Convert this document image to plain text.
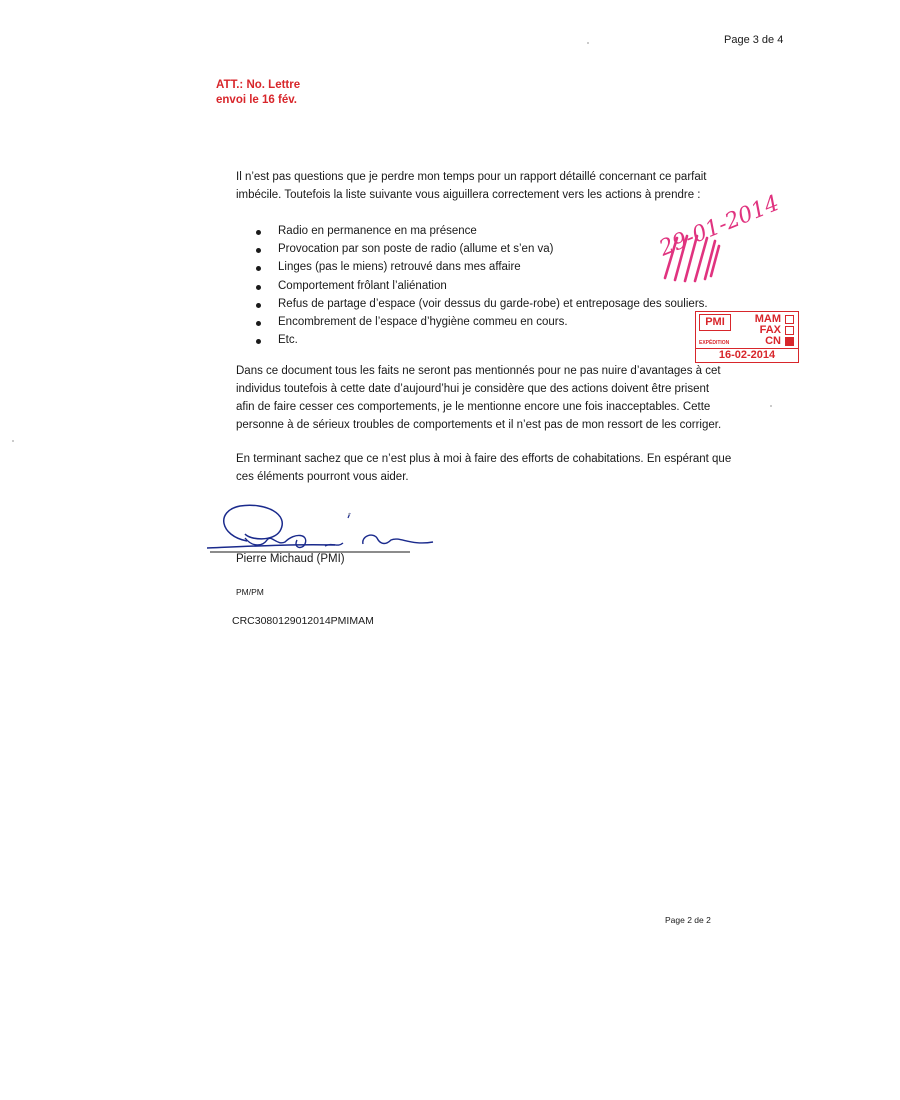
Page 3 de 4
ATT.: No. Lettre
envoi le 16 fév.
Il n’est pas questions que je perdre mon temps pour un rapport détaillé concernant ce parfait
imbécile. Toutefois la liste suivante vous aiguillera correctement vers les actions à prendre :
Radio en permanence en ma présence
Provocation par son poste de radio (allume et s’en va)
Linges (pas le miens) retrouvé dans mes affaire
Comportement frôlant l’aliénation
Refus de partage d’espace (voir dessus du garde-robe) et entreposage des souliers.
Encombrement de l’espace d’hygiène commeu en cours.
Etc.
Dans ce document tous les faits ne seront pas mentionnés pour ne pas nuire d’avantages à cet
individus toutefois à cette date d’aujourd’hui je considère que des actions doivent être prisent
afin de faire cesser ces comportements, je le mentionne encore une fois inacceptables. Cette
personne à de sérieux troubles de comportements et il n’est pas de mon ressort de les corriger.
En terminant sachez que ce n’est plus à moi à faire des efforts de cohabitations. En espérant que
ces éléments pourront vous aider.
Pierre Michaud (PMI)
PM/PM
CRC3080129012014PMIMAM
29-01-2014
PMI	MAM
FAX
CN
EXPÉDITION
16-02-2014
Page 2 de 2
